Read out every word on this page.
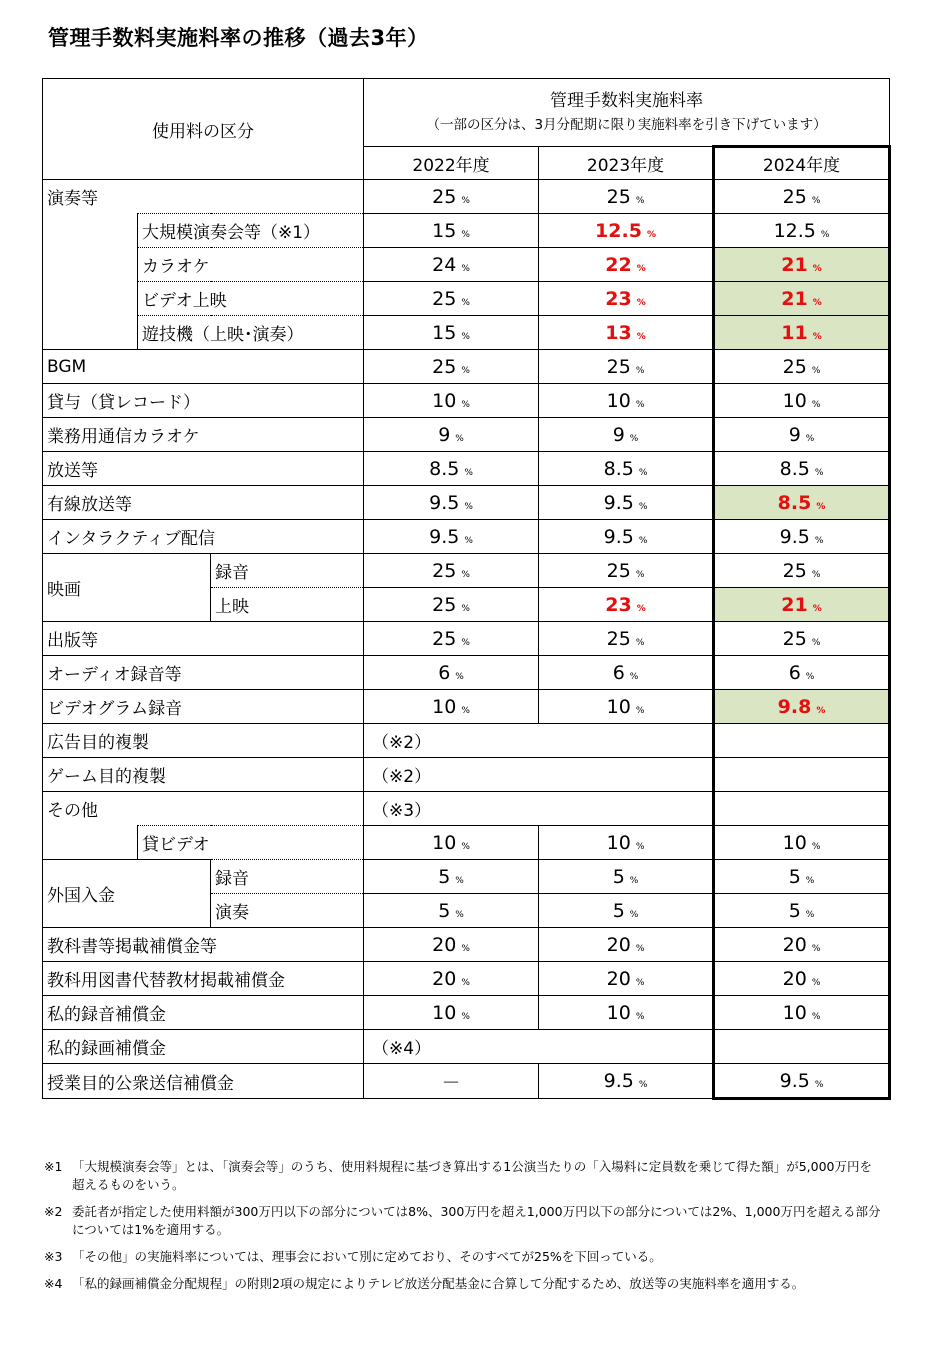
管理手数料実施料率の推移（過去3年）
使用料の区分			管理手数料実施料率
（一部の区分は、3月分配期に限り実施料率を引き下げています）		

			2022年度	2023年度	2024年度
演奏等			25 %	25 %	25 %
	大規模演奏会等（※1）		15 %	12.5 %	12.5 %
	カラオケ		24 %	22 %	21 %
	ビデオ上映		25 %	23 %	21 %
	遊技機（上映･演奏）		15 %	13 %	11 %
BGM			25 %	25 %	25 %
貸与（貸レコード）			10 %	10 %	10 %
業務用通信カラオケ			9 %	9 %	9 %
放送等			8.5 %	8.5 %	8.5 %
有線放送等			9.5 %	9.5 %	8.5 %
インタラクティブ配信			9.5 %	9.5 %	9.5 %
映画		録音	25 %	25 %	25 %
		上映	25 %	23 %	21 %
出版等			25 %	25 %	25 %
オーディオ録音等			6 %	6 %	6 %
ビデオグラム録音			10 %	10 %	9.8 %
広告目的複製			（※2）		
ゲーム目的複製			（※2）		
その他			（※3）		
	貸ビデオ		10 %	10 %	10 %
外国入金		録音	5 %	5 %	5 %
		演奏	5 %	5 %	5 %
教科書等掲載補償金等			20 %	20 %	20 %
教科用図書代替教材掲載補償金			20 %	20 %	20 %
私的録音補償金			10 %	10 %	10 %
私的録画補償金			（※4）		
授業目的公衆送信補償金			－	9.5 %	9.5 %
※1 「大規模演奏会等」とは、「演奏会等」のうち、使用料規程に基づき算出する1公演当たりの「入場料に定員数を乗じて得た額」が5,000万円を超えるものをいう。
※2 委託者が指定した使用料額が300万円以下の部分については8%、300万円を超え1,000万円以下の部分については2%、1,000万円を超える部分については1%を適用する。
※3 「その他」の実施料率については、理事会において別に定めており、そのすべてが25%を下回っている。
※4 「私的録画補償金分配規程」の附則2項の規定によりテレビ放送分配基金に合算して分配するため、放送等の実施料率を適用する。
